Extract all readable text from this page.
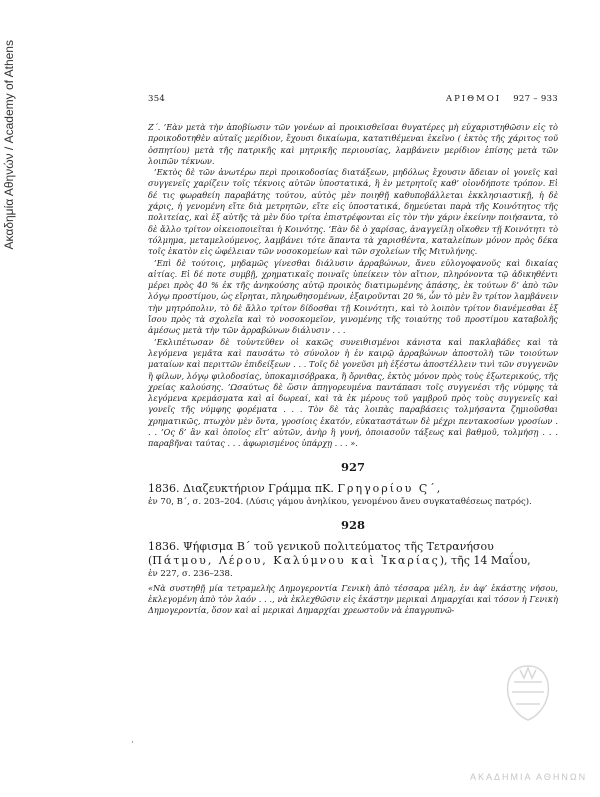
Ακαδημία Αθηνών / Academy of Athens	354	ΑΡΙΘΜΟΙ 927 – 933

Ζ΄. ’Εὰν μετὰ τὴν ἀποβίωσιν τῶν γονέων αἱ προικισθεῖσαι θυγατέρες μὴ εὐχαριστηθῶσιν εἰς τὸ προικοδοτηθὲν αὐταῖς μερίδιον, ἔχουσι δικαίωμα, κατατιθέμεναι ἐκεῖνο ( ἐκτὸς τῆς χάριτος τοῦ ὀσπητίου) μετὰ τῆς πατρικῆς καὶ μητρικῆς περιουσίας, λαμβάνειν μερίδιον ἐπίσης μετὰ τῶν λοιπῶν τέκνων.

’Εκτὸς δὲ τῶν ἀνωτέρω περὶ προικοδοσίας διατάξεων, μηδόλως ἔχουσιν ἄδειαν οἱ γονεῖς καὶ συγγενεῖς χαρίζειν τοῖς τέκνοις αὐτῶν ὑποστατικά, ἢ ἐν μετρητοῖς καθ’ οἱονδήποτε τρόπον. Εἰ δέ τις φωραθείη παραβάτης τούτου, αὐτὸς μὲν ποιηθῇ καθυποβάλλεται ἐκκλησιαστικῇ, ἡ δὲ χάρις, ἡ γενομένη εἴτε διὰ μετρητῶν, εἴτε εἰς ὑποστατικά, δημεύεται παρὰ τῆς Κοινότητος τῆς πολιτείας, καὶ ἐξ αὐτῆς τὰ μὲν δύο τρίτα ἐπιστρέφονται εἰς τὸν τὴν χάριν ἐκείνην ποιήσαντα, τὸ δὲ ἄλλο τρίτον οἰκειοποιεῖται ἡ Κοινότης. ’Εὰν δὲ ὁ χαρίσας, ἀναγγείλῃ οἴκοθεν τῇ Κοινότητι τὸ τόλμημα, μεταμελούμενος, λαμβάνει τότε ἅπαντα τὰ χαρισθέντα, καταλείπων μόνον πρὸς δέκα τοῖς ἑκατὸν εἰς ὠφέλειαν τῶν νοσοκομείων καὶ τῶν σχολείων τῆς Μιτυλήνης.

’Επὶ δὲ τούτοις, μηδαμῶς γίνεσθαι διάλυσιν ἀρραβώνων, ἄνευ εὐλογοφανοῦς καὶ δικαίας αἰτίας. Εἰ δέ ποτε συμβῇ, χρηματικαῖς ποιναῖς ὑπείκειν τὸν αἴτιον, πληρόνοντα τῷ ἀδικηθέντι μέρει πρὸς 40 % ἐκ τῆς ἀνηκούσης αὐτῷ προικὸς διατιμωμένης ἁπάσης, ἐκ τούτων δ’ ἀπὸ τῶν λόγῳ προστίμου, ὡς εἴρηται, πληρωθησομένων, ἐξαιροῦνται 20 %, ὧν τὸ μὲν ἓν τρίτον λαμβάνειν τὴν μητρόπολιν, τὸ δὲ ἄλλο τρίτον δίδοσθαι τῇ Κοινότητι, καὶ τὸ λοιπὸν τρίτον διανέμεσθαι ἐξ ἴσου πρὸς τὰ σχολεῖα καὶ τὸ νοσοκομεῖον, γινομένης τῆς τοιαύτης τοῦ προστίμου καταβολῆς ἀμέσως μετὰ τὴν τῶν ἀρραβώνων διάλυσιν . . .

’Εκλιπέτωσαν δὲ τοὐντεῦθεν οἱ κακῶς συνειθισμένοι κάνιστα καὶ πακλαβάδες καὶ τὰ λεγόμενα γεμᾶτα καὶ παυσάτω τὸ σύνολον ἡ ἐν καιρῷ ἀρραβώνων ἀποστολὴ τῶν τοιούτων ματαίων καὶ περιττῶν ἐπιδείξεων . . . Τοῖς δὲ γονεῦσι μὴ ἐξέστω ἀποστέλλειν τινὶ τῶν συγγενῶν ἢ φίλων, λόγῳ φιλοδοσίας, ὑποκαμισόβρακα, ἢ ὄρνιθας, ἐκτὸς μόνον πρὸς τοὺς ἐξωτερικούς, τῆς χρείας καλούσης. ’Ωσαύτως δὲ ὥσιν ἀπηγορευμένα παντάπασι τοῖς συγγενέσι τῆς νύμφης τὰ λεγόμενα κρεμάσματα καὶ αἱ δωρεαί, καὶ τὰ ἐκ μέρους τοῦ γαμβροῦ πρὸς τοὺς συγγενεῖς καὶ γονεῖς τῆς νύμφης φορέματα . . . Τὸν δὲ τὰς λοιπὰς παραβάσεις τολμήσαντα ζημιοῦσθαι χρηματικῶς, πτωχὸν μὲν ὄντα, γροσίοις ἑκατόν, εὐκαταστάτων δὲ μέχρι πεντακοσίων γροσίων . . . ’Ος δ’ ἂν καὶ ὁποῖος εἴτ’ αὐτῶν, ἀνὴρ ἢ γυνή, ὁποιασοῦν τάξεως καὶ βαθμοῦ, τολμήσῃ . . . παραβῆναι ταύτας . . . ἀφωρισμένος ὑπάρχῃ . . . ».

927

1836. Διαζευκτήριον Γράμμα πΚ. Γρηγορίου Ϛ΄,

ἐν 70, Β΄, σ. 203–204. (Λύσις γάμου ἀνηλίκου, γενομένου ἄνευ συγκαταθέσεως πατρός).

928

1836. Ψήφισμα Β΄ τοῦ γενικοῦ πολιτεύματος τῆς Τετρανήσου (Πάτμου, Λέρου, Καλύμνου καὶ Ἰκαρίας), τῆς 14 Μαΐου,

ἐν 227, σ. 236–238.

«Νὰ συστηθῇ μία τετραμελὴς Δημογεροντία Γενικὴ ἀπὸ τέσσαρα μέλη, ἐν ἀφ’ ἑκάστης νήσου, ἐκλεγομένη ἀπὸ τὸν λαόν . . ., νὰ ἐκλεχθῶσιν εἰς ἑκάστην μερικαὶ Δημαρχίαι καὶ τόσον ἡ Γενικὴ Δημογεροντία, ὅσον καὶ αἱ μερικαὶ Δημαρχίαι χρεωστοῦν νὰ ἐπαγρυπνῶ-

·
ΑΚΑΔΗΜΙΑ ΑΘΗΝΩΝ
